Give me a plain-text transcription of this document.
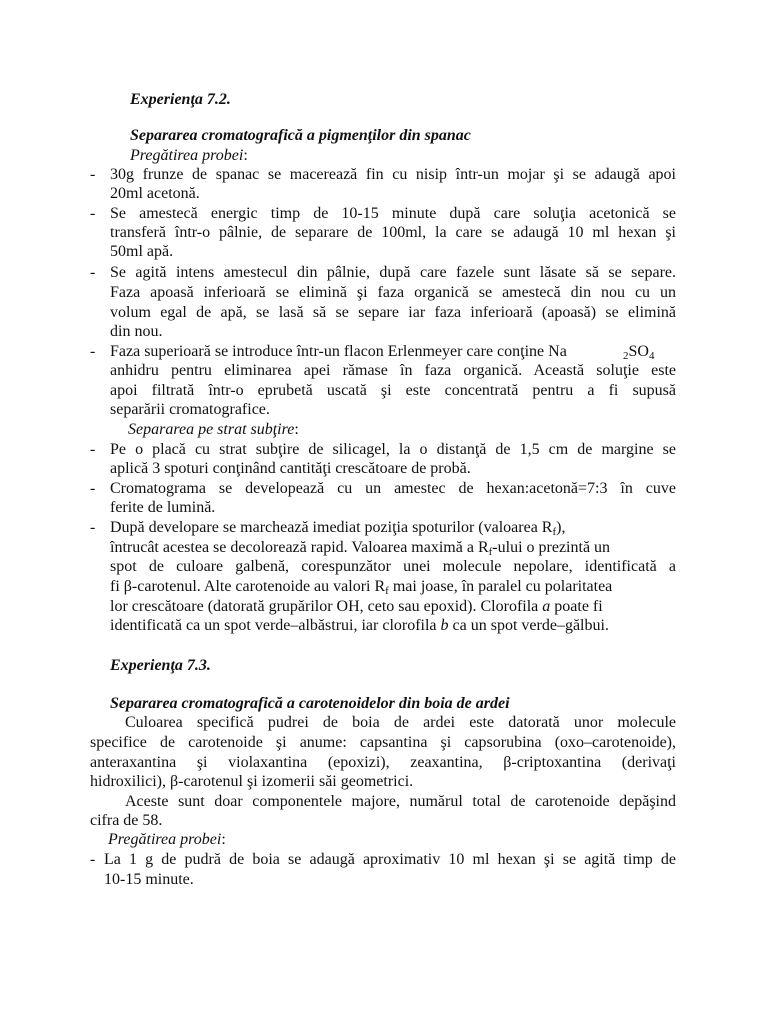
Experienţa 7.2.
Separarea cromatografică a pigmenţilor din spanac
Pregătirea probei:
- 30g frunze de spanac se macerează fin cu nisip într-un mojar şi se adaugă apoi
20ml acetonă.
- Se amestecă energic timp de 10-15 minute după care soluţia acetonică se
transferă într-o pâlnie, de separare de 100ml, la care se adaugă 10 ml hexan şi
50ml apă.
- Se agită intens amestecul din pâlnie, după care fazele sunt lăsate să se separe.
Faza apoasă inferioară se elimină şi faza organică se amestecă din nou cu un
volum egal de apă, se lasă să se separe iar faza inferioară (apoasă) se elimină
din nou.
- Faza superioară se introduce într-un flacon Erlenmeyer care conţine Na	2SO4
anhidru pentru eliminarea apei rămase în faza organică. Această soluţie este
apoi filtrată într-o eprubetă uscată şi este concentrată pentru a fi supusă
separării cromatografice.
Separarea pe strat subţire:
- Pe o placă cu strat subţire de silicagel, la o distanţă de 1,5 cm de margine se
aplică 3 spoturi conţinând cantităţi crescătoare de probă.
- Cromatograma se developează cu un amestec de hexan:acetonă=7:3 în cuve
ferite de lumină.
- După developare se marchează imediat poziţia spoturilor (valoarea Rf),
întrucât acestea se decolorează rapid. Valoarea maximă a Rf-ului o prezintă un
spot de culoare galbenă, corespunzător unei molecule nepolare, identificată a
fi β-carotenul. Alte carotenoide au valori Rf mai joase, în paralel cu polaritatea
lor crescătoare (datorată grupărilor OH, ceto sau epoxid). Clorofila a poate fi
identificată ca un spot verde–albăstrui, iar clorofila b ca un spot verde–gălbui.
Experienţa 7.3.
Separarea cromatografică a carotenoidelor din boia de ardei
Culoarea specifică pudrei de boia de ardei este datorată unor molecule
specifice de carotenoide şi anume: capsantina şi capsorubina (oxo–carotenoide),
anteraxantina şi violaxantina (epoxizi), zeaxantina, β-criptoxantina (derivaţi
hidroxilici), β-carotenul şi izomerii săi geometrici.
Aceste sunt doar componentele majore, numărul total de carotenoide depăşind
cifra de 58.
Pregătirea probei:
- La 1 g de pudră de boia se adaugă aproximativ 10 ml hexan şi se agită timp de
10-15 minute.
